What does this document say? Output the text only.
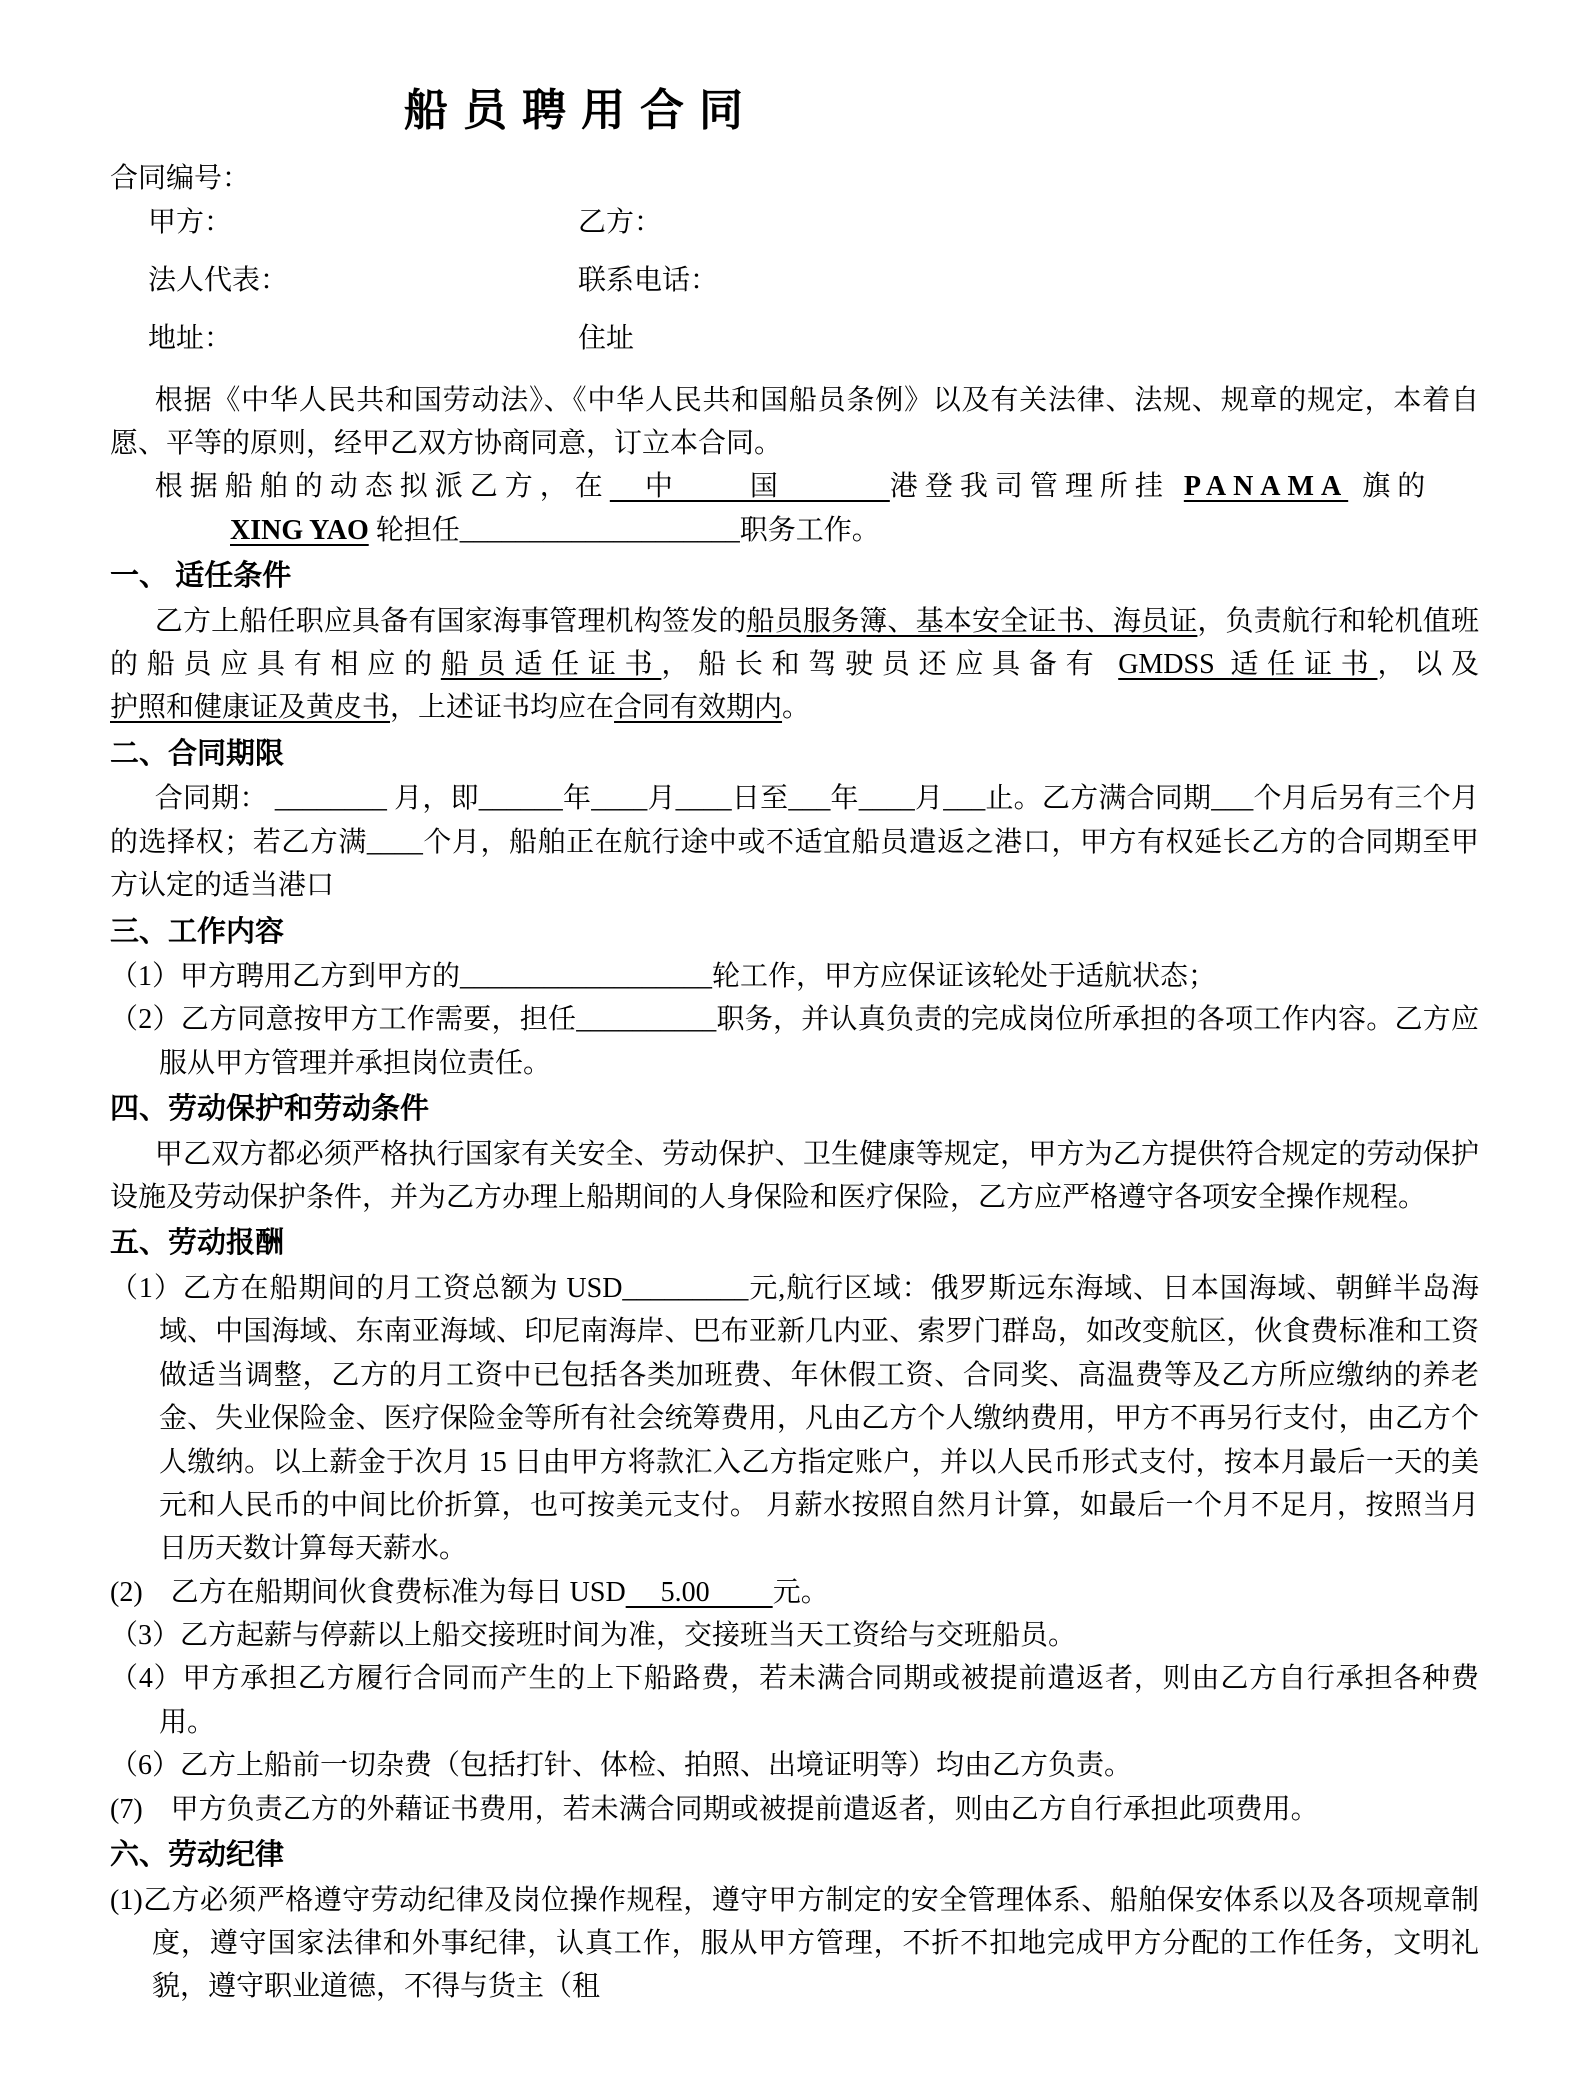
船 员 聘 用 合 同
合同编号：
甲方：	乙方：
法人代表：	联系电话：
地址：	住址

根据《中华人民共和国劳动法》、《中华人民共和国船员条例》以及有关法律、法规、规章的规定，本着自愿、平等的原则，经甲乙双方协商同意，订立本合同。

根据船舶的动态拟派乙方，在　中　　国　　　港登我司管理所挂 PANAMA 旗的

XING YAO 轮担任____________________职务工作。

一、 适任条件

乙方上船任职应具备有国家海事管理机构签发的船员服务簿、基本安全证书、海员证，负责航行和轮机值班的船员应具有相应的船员适任证书，船长和驾驶员还应具备有 GMDSS 适任证书，以及护照和健康证及黄皮书，上述证书均应在合同有效期内。

二、合同期限

合同期： ________ 月，即______年____月____日至___年____月___止。乙方满合同期___个月后另有三个月的选择权；若乙方满____个月，船舶正在航行途中或不适宜船员遣返之港口，甲方有权延长乙方的合同期至甲方认定的适当港口

三、工作内容

（1）甲方聘用乙方到甲方的__________________轮工作，甲方应保证该轮处于适航状态；

（2）乙方同意按甲方工作需要，担任__________职务，并认真负责的完成岗位所承担的各项工作内容。乙方应服从甲方管理并承担岗位责任。

四、劳动保护和劳动条件

甲乙双方都必须严格执行国家有关安全、劳动保护、卫生健康等规定，甲方为乙方提供符合规定的劳动保护设施及劳动保护条件，并为乙方办理上船期间的人身保险和医疗保险，乙方应严格遵守各项安全操作规程。

五、劳动报酬

（1）乙方在船期间的月工资总额为 USD_________元,航行区域：俄罗斯远东海域、日本国海域、朝鲜半岛海域、中国海域、东南亚海域、印尼南海岸、巴布亚新几内亚、索罗门群岛，如改变航区，伙食费标准和工资做适当调整，乙方的月工资中已包括各类加班费、年休假工资、合同奖、高温费等及乙方所应缴纳的养老金、失业保险金、医疗保险金等所有社会统筹费用，凡由乙方个人缴纳费用，甲方不再另行支付，由乙方个人缴纳。以上薪金于次月 15 日由甲方将款汇入乙方指定账户，并以人民币形式支付，按本月最后一天的美元和人民币的中间比价折算，也可按美元支付。 月薪水按照自然月计算，如最后一个月不足月，按照当月日历天数计算每天薪水。

(2)　乙方在船期间伙食费标准为每日 USD　 5.00 　　元。

（3）乙方起薪与停薪以上船交接班时间为准，交接班当天工资给与交班船员。

（4）甲方承担乙方履行合同而产生的上下船路费，若未满合同期或被提前遣返者，则由乙方自行承担各种费用。

（6）乙方上船前一切杂费（包括打针、体检、拍照、出境证明等）均由乙方负责。

(7)　甲方负责乙方的外藉证书费用，若未满合同期或被提前遣返者，则由乙方自行承担此项费用。

六、劳动纪律

(1)乙方必须严格遵守劳动纪律及岗位操作规程，遵守甲方制定的安全管理体系、船舶保安体系以及各项规章制度，遵守国家法律和外事纪律，认真工作，服从甲方管理，不折不扣地完成甲方分配的工作任务，文明礼貌，遵守职业道德，不得与货主（租
